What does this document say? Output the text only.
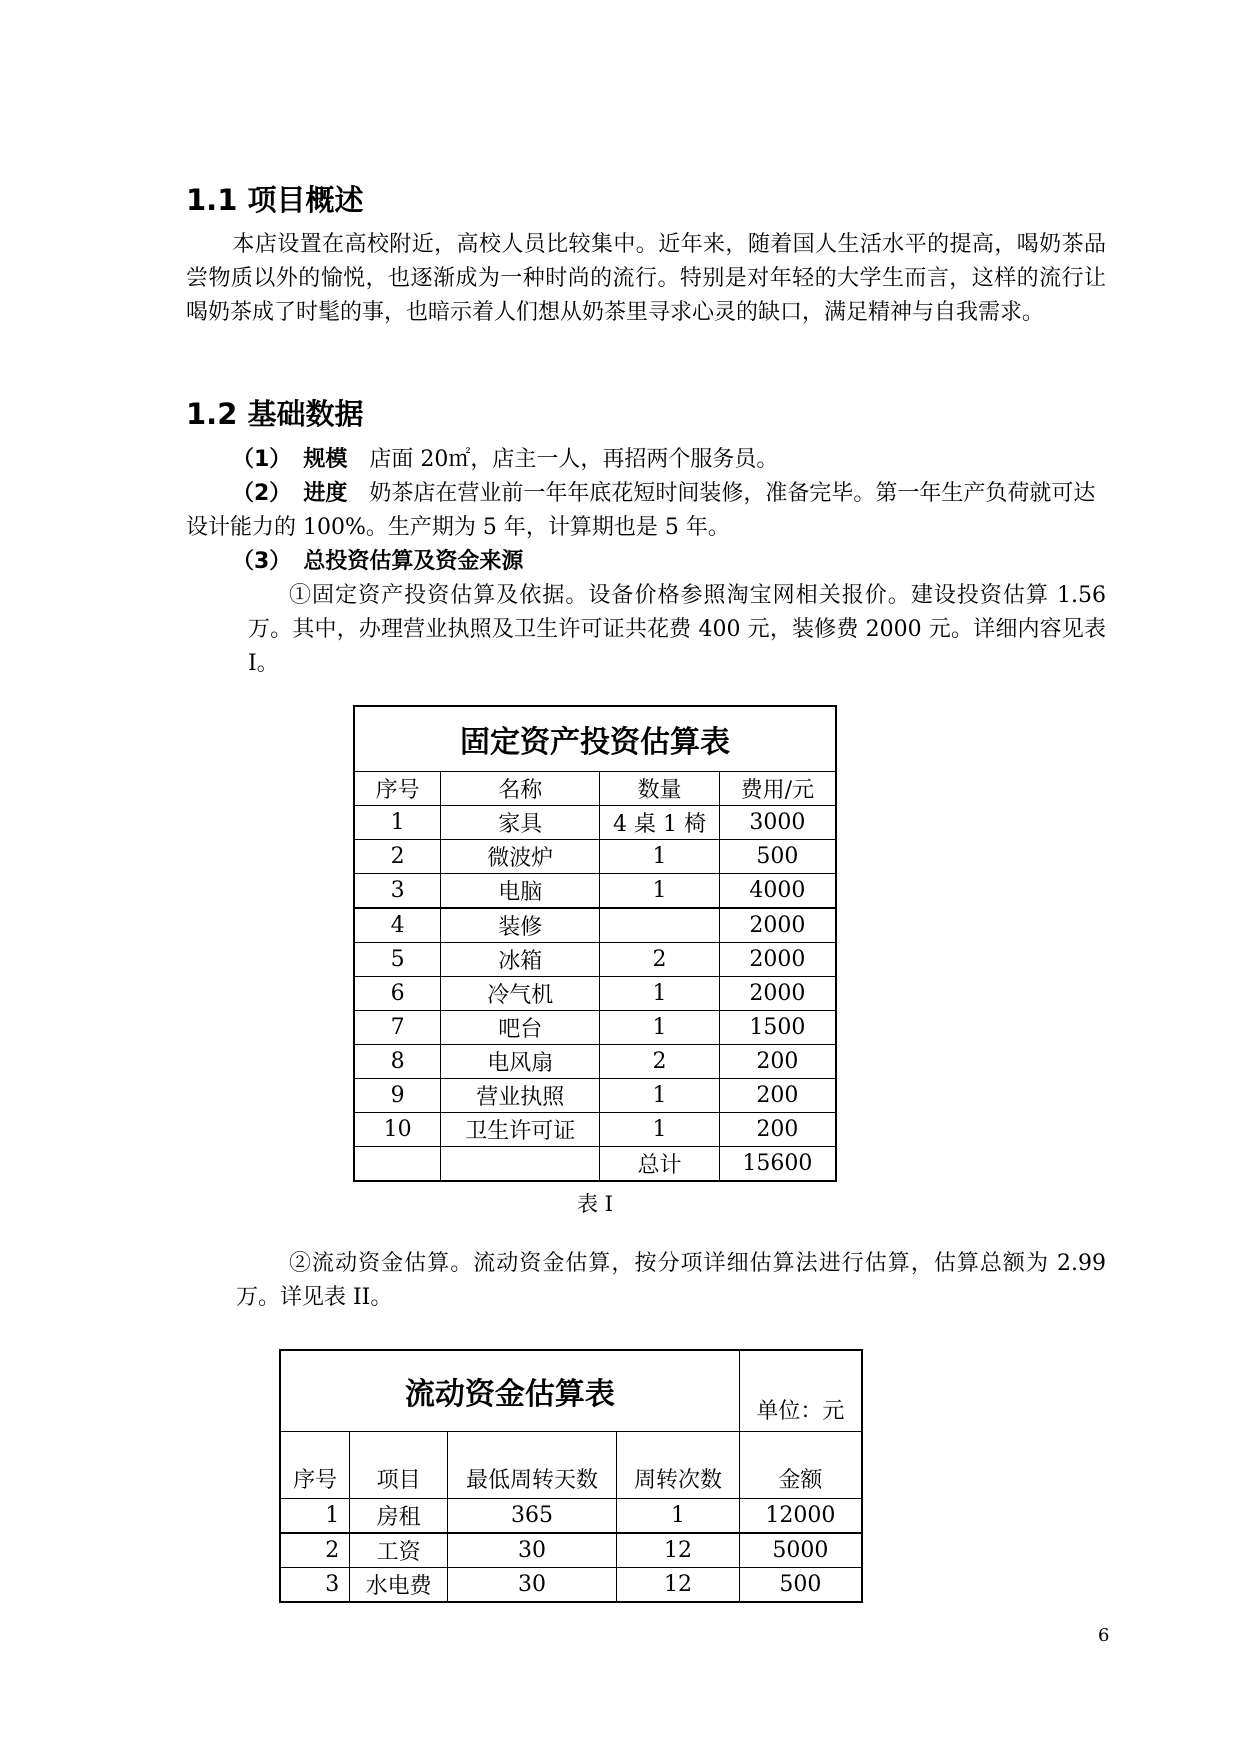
1.1 项目概述
本店设置在高校附近，高校人员比较集中。近年来，随着国人生活水平的提高，喝奶茶品尝物质以外的愉悦，也逐渐成为一种时尚的流行。特别是对年轻的大学生而言，这样的流行让喝奶茶成了时髦的事，也暗示着人们想从奶茶里寻求心灵的缺口，满足精神与自我需求。
1.2 基础数据
（1） 规模 店面 20㎡，店主一人，再招两个服务员。
（2） 进度 奶茶店在营业前一年年底花短时间装修，准备完毕。第一年生产负荷就可达设计能力的 100%。生产期为 5 年，计算期也是 5 年。
（3） 总投资估算及资金来源
①固定资产投资估算及依据。设备价格参照淘宝网相关报价。建设投资估算 1.56 万。其中，办理营业执照及卫生许可证共花费 400 元，装修费 2000 元。详细内容见表 I。
固定资产投资估算表			
序号	名称	数量	费用/元
1	家具	4 桌 1 椅	3000
2	微波炉	1	500
3	电脑	1	4000
4	装修		2000
5	冰箱	2	2000
6	冷气机	1	2000
7	吧台	1	1500
8	电风扇	2	200
9	营业执照	1	200
10	卫生许可证	1	200
		总计	15600
表 I
②流动资金估算。流动资金估算，按分项详细估算法进行估算，估算总额为 2.99 万。详见表 II。
流动资金估算表				单位：元
序号	项目	最低周转天数	周转次数	金额
1	房租	365	1	12000
2	工资	30	12	5000
3	水电费	30	12	500
6
